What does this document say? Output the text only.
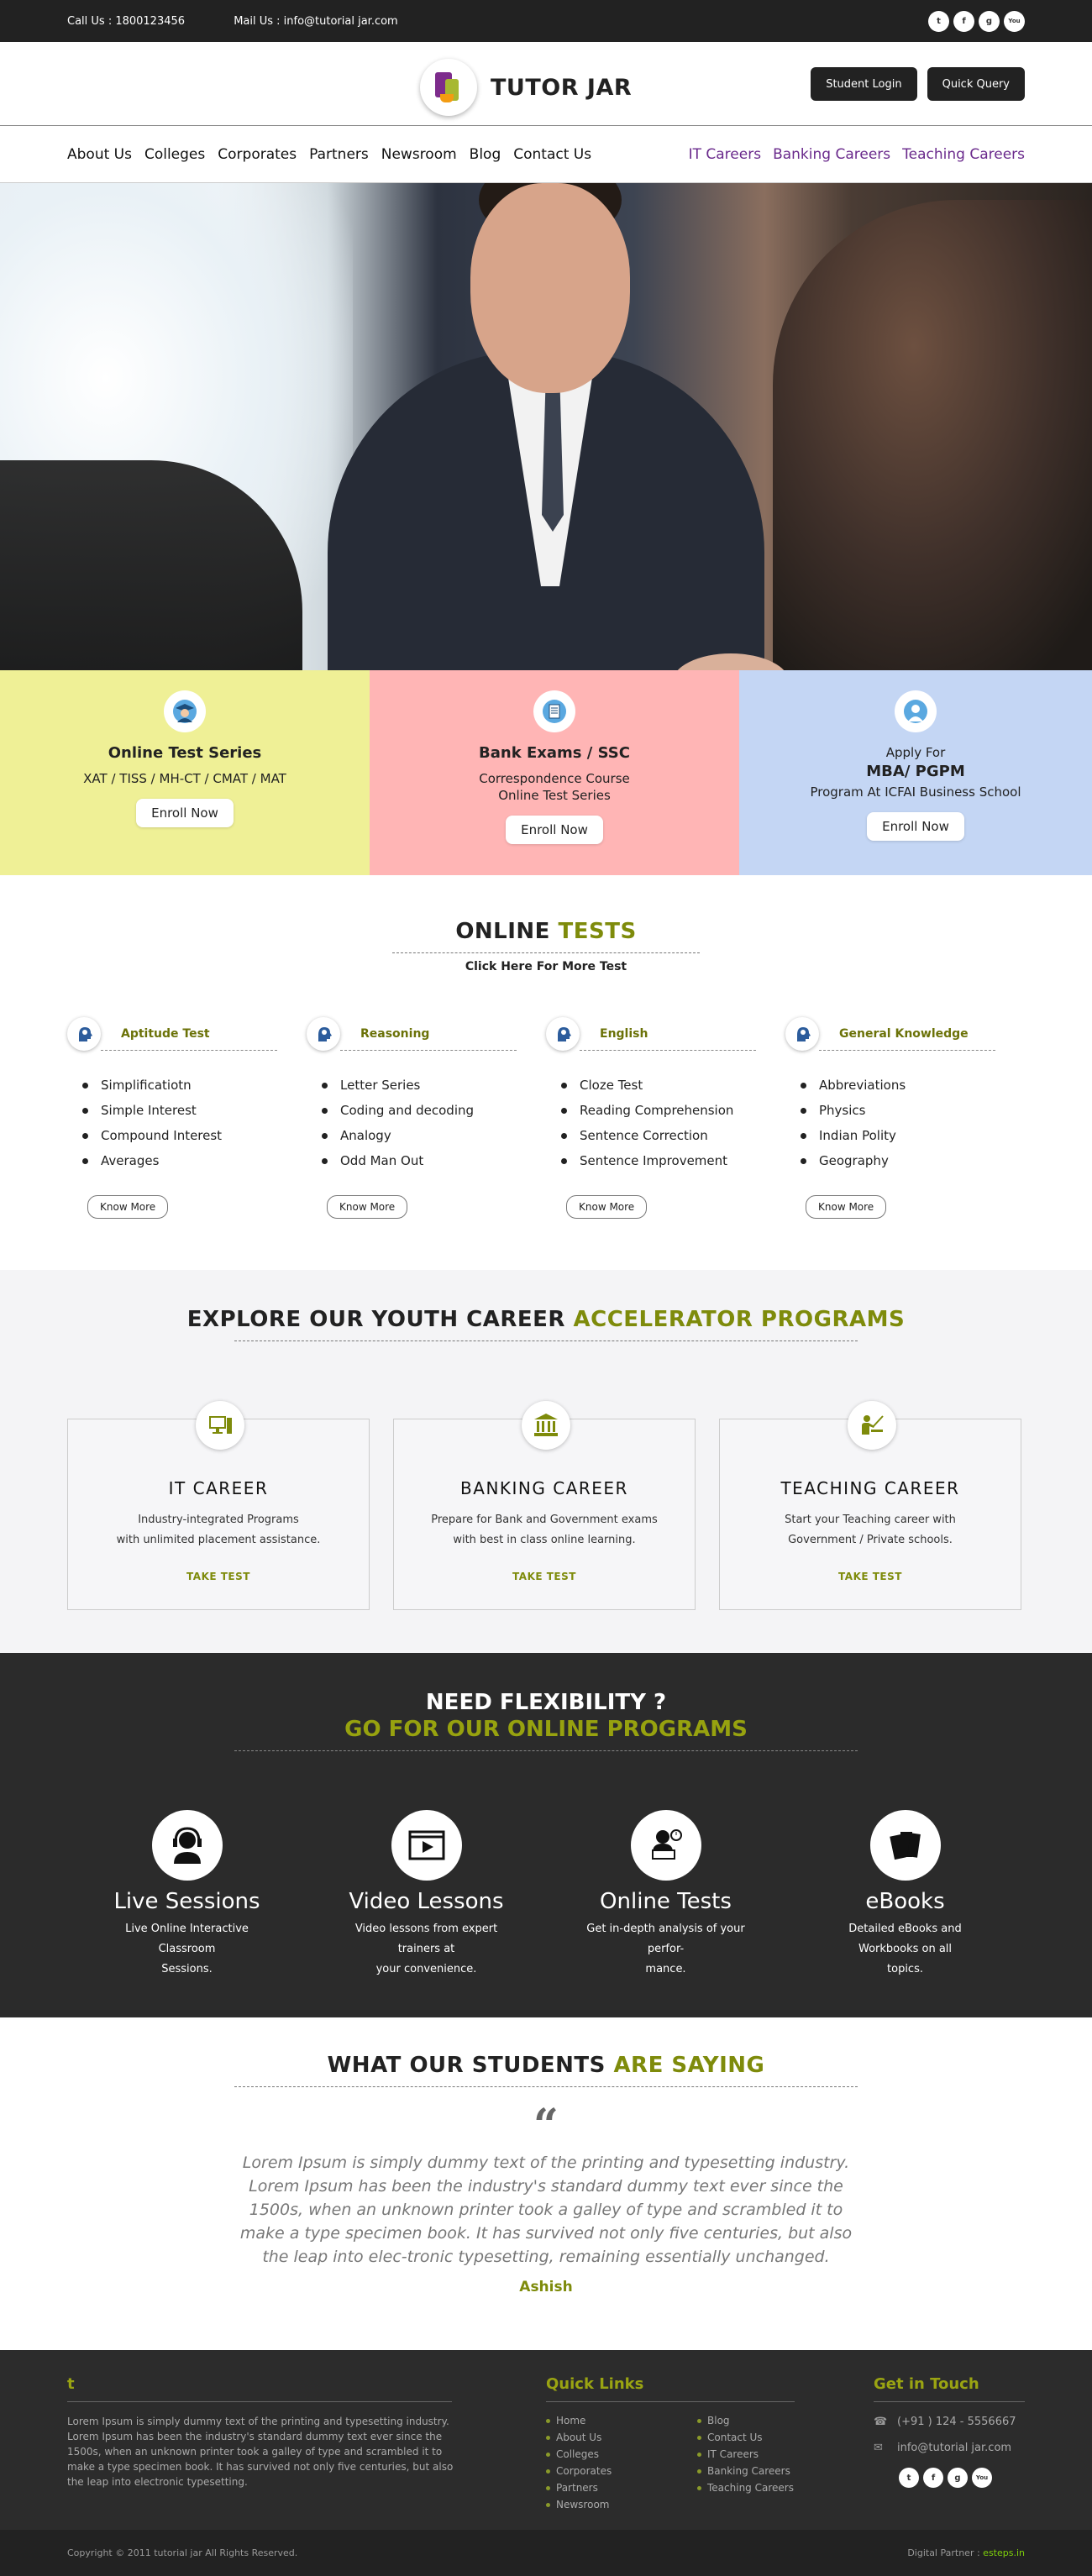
Call Us : 1800123456	Mail Us : info@tutorial jar.com	t	f	g	You
TUTOR JAR	Student Login	Quick Query
About Us Colleges Corporates Partners Newsroom Blog Contact Us	IT Careers Banking Careers Teaching Careers
Online Test Series

XAT / TISS / MH-CT / CMAT / MAT

Enroll Now
Bank Exams / SSC

Correspondence Course

Online Test Series

Enroll Now

Apply For

MBA/ PGPM

Program At ICFAI Business School

Enroll Now
ONLINE TESTS
Click Here For More Test
Aptitude Test
Simplificatiotn
Simple Interest
Compound Interest
Averages
Know More
Reasoning
Letter Series
Coding and decoding
Analogy
Odd Man Out
Know More
English
Cloze Test
Reading Comprehension
Sentence Correction
Sentence Improvement
Know More
General Knowledge
Abbreviations
Physics
Indian Polity
Geography
Know More
EXPLORE OUR YOUTH CAREER ACCELERATOR PROGRAMS
IT CAREER

Industry-integrated Programs
with unlimited placement assistance.

TAKE TEST
BANKING CAREER

Prepare for Bank and Government exams
with best in class online learning.

TAKE TEST
TEACHING CAREER

Start your Teaching career with
Government / Private schools.

TAKE TEST
NEED FLEXIBILITY ?
GO FOR OUR ONLINE PROGRAMS
Live Sessions

Live Online Interactive Classroom
Sessions.

Video Lessons

Video lessons from expert trainers at
your convenience.

Online Tests

Get in-depth analysis of your perfor-
mance.

eBooks

Detailed eBooks and Workbooks on all
topics.

WHAT OUR STUDENTS ARE SAYING
“

Lorem Ipsum is simply dummy text of the printing and typesetting industry. Lorem Ipsum has been the industry's standard dummy text ever since the 1500s, when an unknown printer took a galley of type and scrambled it to make a type specimen book. It has survived not only five centuries, but also the leap into elec-tronic typesetting, remaining essentially unchanged.

Ashish
t

Lorem Ipsum is simply dummy text of the printing and typesetting industry. Lorem Ipsum has been the industry's standard dummy text ever since the 1500s, when an unknown printer took a galley of type and scrambled it to make a type specimen book. It has survived not only five centuries, but also the leap into electronic typesetting.

Quick Links
Home
About Us
Colleges
Corporates
Partners
Newsroom
Blog
Contact Us
IT Careers
Banking Careers
Teaching Careers
Get in Touch
☎ (+91 ) 124 - 5556667
✉	info@tutorial jar.com
t	f	g	You
Copyright © 2011 tutorial jar All Rights Reserved.	Digital Partner : esteps.in
